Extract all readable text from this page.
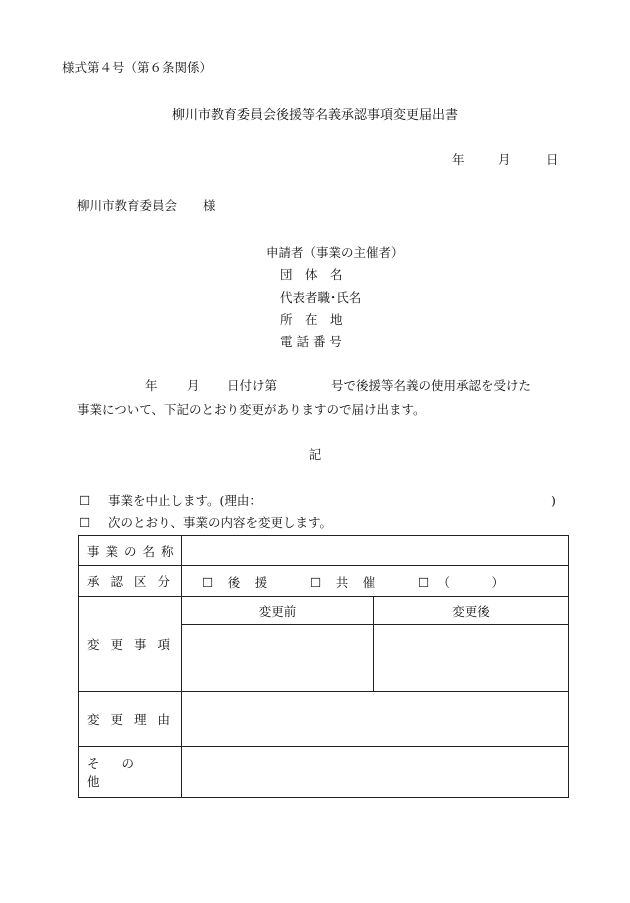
様式第４号（第６条関係）
柳川市教育委員会後援等名義承認事項変更届出書
年	月	日
柳川市教育委員会 様
申請者（事業の主催者）
団　体　名
代表者職･氏名
所　在　地
電 話 番 号
年 月 日付け第	号で後援等名義の使用承認を受けた
事業について、下記のとおり変更がありますので届け出ます。
記
☐ 事業を中止します。(理由：	)
☐ 次のとおり、事業の内容を変更します。
事業の名称		
承認区分	☐　後　援 ☐　共　催 ☐　（　　　）	

変更事項	変更前	変更後

変更理由		
その他		
